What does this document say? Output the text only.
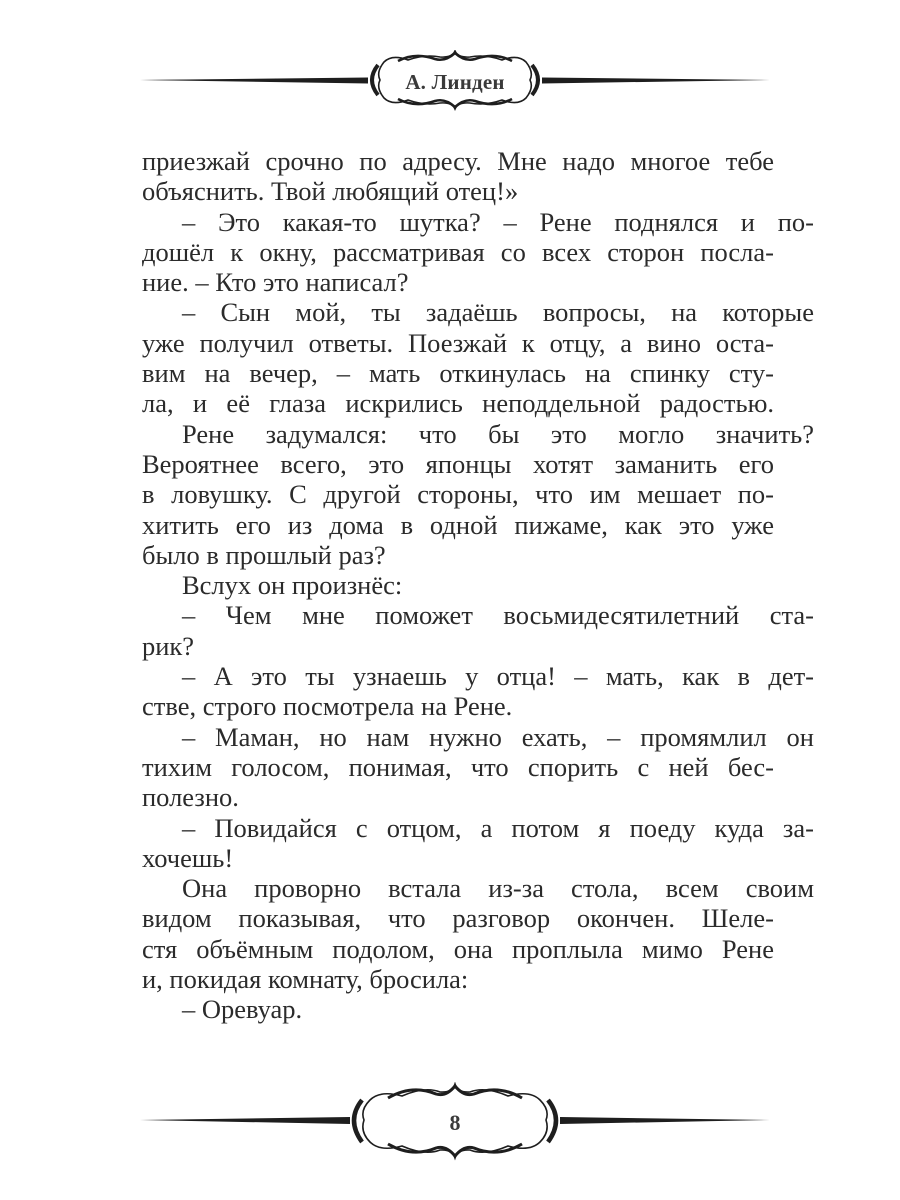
А. Линден
приезжай срочно по адресу. Мне надо многое тебе
объяснить. Твой любящий отец!»
– Это какая-то шутка? – Рене поднялся и по-
дошёл к окну, рассматривая со всех сторон посла-
ние. – Кто это написал?
– Сын мой, ты задаёшь вопросы, на которые
уже получил ответы. Поезжай к отцу, а вино оста-
вим на вечер, – мать откинулась на спинку сту-
ла, и её глаза искрились неподдельной радостью.
Рене задумался: что бы это могло значить?
Вероятнее всего, это японцы хотят заманить его
в ловушку. С другой стороны, что им мешает по-
хитить его из дома в одной пижаме, как это уже
было в прошлый раз?
Вслух он произнёс:
– Чем мне поможет восьмидесятилетний ста-
рик?
– А это ты узнаешь у отца! – мать, как в дет-
стве, строго посмотрела на Рене.
– Маман, но нам нужно ехать, – промямлил он
тихим голосом, понимая, что спорить с ней бес-
полезно.
– Повидайся с отцом, а потом я поеду куда за-
хочешь!
Она проворно встала из-за стола, всем своим
видом показывая, что разговор окончен. Шеле-
стя объёмным подолом, она проплыла мимо Рене
и, покидая комнату, бросила:
– Оревуар.
8
